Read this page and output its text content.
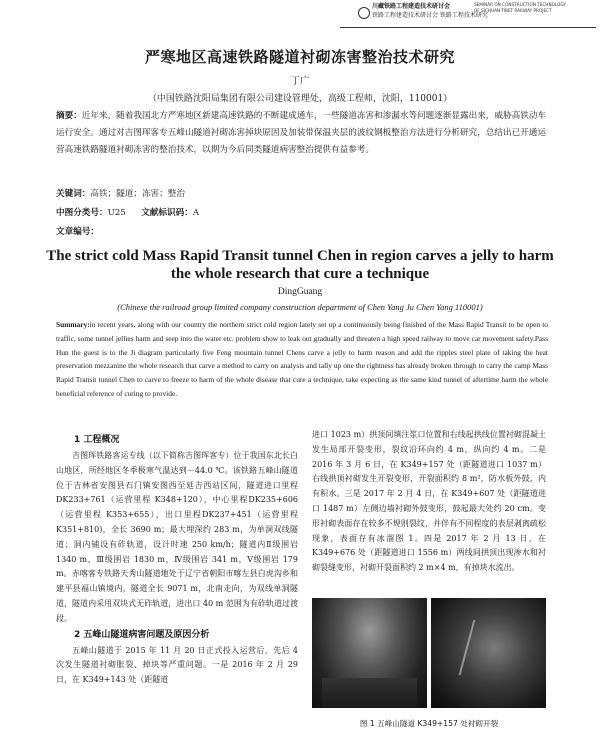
川藏铁路工程建造技术研讨会
铁路工程建造技术研讨会 铁路工程技术研究
SEMINAR ON CONSTRUCTION TECHNOLOGY
OF SICHUAN-TIBET RAILWAY PROJECT
严寒地区高速铁路隧道衬砌冻害整治技术研究
丁广
（中国铁路沈阳局集团有限公司建设管理处，高级工程师，沈阳，110001）
摘要：近年来，随着我国北方严寒地区新建高速铁路的不断建成通车，一些隧道冻害和渗漏水等问题逐渐显露出来，威胁高铁动车运行安全。通过对吉图珲客专五峰山隧道衬砌冻害掉块原因及加装带保温夹层的波纹钢板整治方法进行分析研究，总结出已开通运营高速铁路隧道衬砌冻害的整治技术，以期为今后同类隧道病害整治提供有益参考。
关键词：高铁；隧道；冻害；整治
中图分类号：U25 文献标识码：A
文章编号：
The strict cold Mass Rapid Transit tunnel Chen in region carves a jelly to harm the whole research that cure a technique
DingGuang
(Chinese the railroad group limited company construction department of Chen Yang Ju Chen Yang 110001)
Summary:in recent years, along with our country the northern strict cold region lately set up a continuously being finished of the Mass Rapid Transit to be open to traffic, some tunnel jellies harm and seep into the water etc. problem show to leak out gradually and threaten a high speed railway to move car movement safety.Pass Hun the guest is to the Ji diagram particularly five Feng mountain tunnel Chens carve a jelly to harm reason and add the ripples steel plate of taking the heat preservation mezzanine the whole research that carve a method to carry on analysis and tally up one the rightness has already broken through to carry the camp Mass Rapid Transit tunnel Chen to carve to freeze to harm of the whole disease that cure a technique, take expecting as the same kind tunnel of aftertime harm the whole beneficial reference of curing to provide.

1 工程概况

吉图珲铁路客运专线（以下简称吉图珲客专）位于我国东北长白山地区，所经地区冬季极寒气温达到－44.0 ℃。该铁路五峰山隧道位于吉林省安图县石门镇安图西至延吉西站区间，隧道进口里程DK233+761（运营里程 K348+120），中心里程DK235+606（运营里程 K353+655），出口里程DK237+451（运营里程 K351+810)，全长 3690 m；最大埋深约 283 m，为单洞双线隧道；洞内铺设有砟轨道，设计时速 250 km/h；隧道内Ⅱ级围岩 1340 m，Ⅲ级围岩 1830 m，Ⅳ级围岩 341 m，Ⅴ级围岩 179 m。赤喀客专铁路天秀山隧道地处于辽宁省朝阳市喀左县白虎沟乡和建平县福山镇境内，隧道全长 9071 m，北南走向，为双线单洞隧道，隧道内采用双块式无砟轨道，进出口 40 m 范围为有砟轨道过渡段。

2 五峰山隧道病害问题及原因分析

五峰山隧道于 2015 年 11 月 20 日正式投入运营后，先后 4 次发生隧道衬砌胀裂、掉块等严重问题。一是 2016 年 2 月 29 日，在 K349+143 处（距隧道

进口 1023 m）拱顶间填注浆口位置和右线起拱线位置衬砌混凝土发生局部开裂变形，裂纹沿环向约 4 m，纵向约 4 m。二是 2016 年 3 月 6 日，在 K349+157 处（距隧道进口 1037 m）右线拱顶衬砌发生开裂变形，开裂面积约 8 m²，防水板外鼓，内有积水。三是 2017 年 2 月 4 日，在 K349+607 处（距隧道进口 1487 m）左侧边墙衬砌外鼓变形，鼓起最大处约 20 cm。变形衬砌表面存在较多不规则裂纹，并伴有不同程度的表层剥离疏松现象，表面存有冰溜图 1。四是 2017 年 2 月 13 日，在 K349+676 处（距隧道进口 1556 m）两线间拱顶出现渗水和衬砌裂缝变形，衬砌开裂面积约 2 m×4 m，有掉块水流出。

图 1 五峰山隧道 K349+157 处衬砌开裂
